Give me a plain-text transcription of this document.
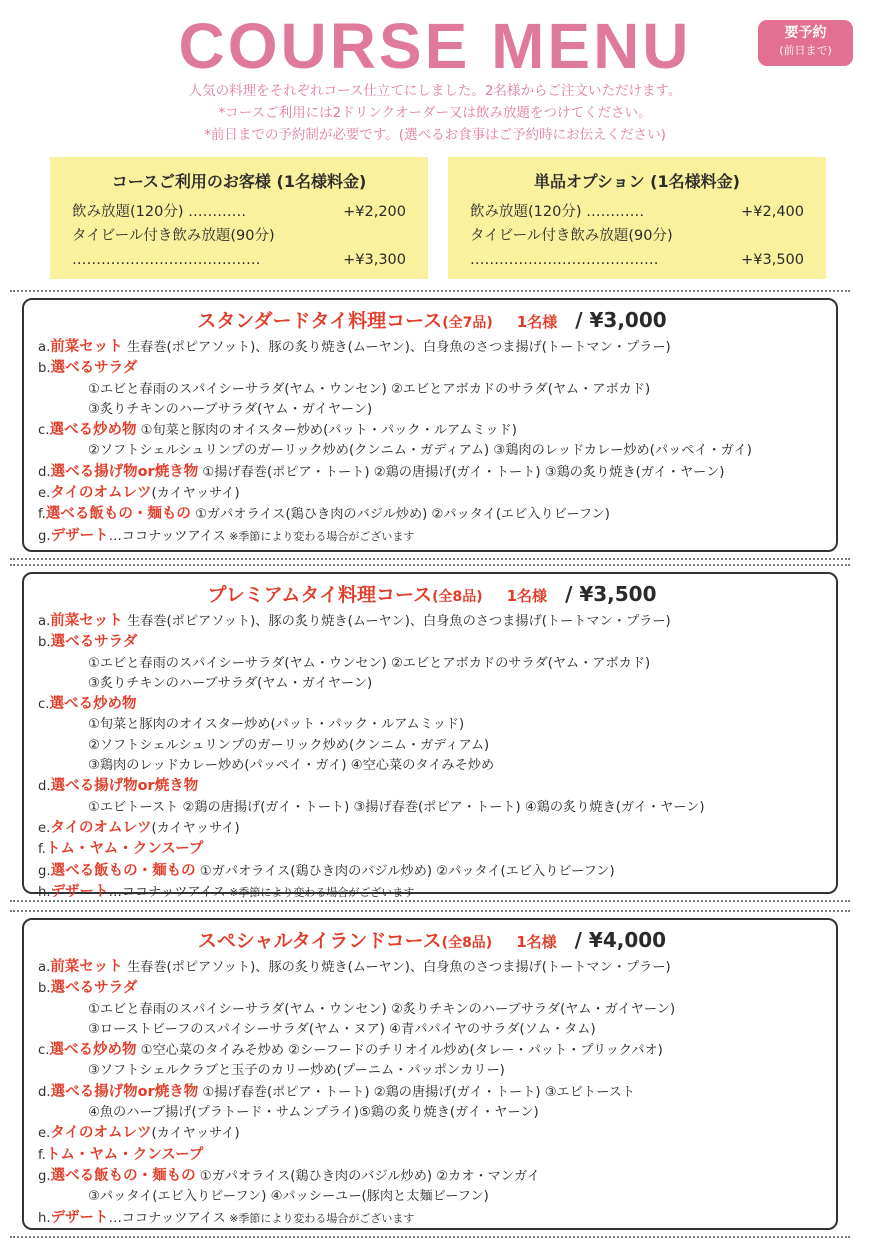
COURSE MENU	要予約
(前日まで)
人気の料理をそれぞれコース仕立てにしました。2名様からご注文いただけます。
*コースご利用には2ドリンクオーダー又は飲み放題をつけてください。
*前日までの予約制が必要です。(選べるお食事はご予約時にお伝えください)
コースご利用のお客様 (1名様料金)
飲み放題(120分) …………	+¥2,200
タイビール付き飲み放題(90分)
…………………………………	+¥3,300
単品オプション (1名様料金)
飲み放題(120分) …………	+¥2,400
タイビール付き飲み放題(90分)
…………………………………	+¥3,500
スタンダードタイ料理コース(全7品) 1名様 / ¥3,000
a.前菜セット 生春巻(ポピアソット)、豚の炙り焼き(ムーヤン)、白身魚のさつま揚げ(トートマン・プラー)
b.選べるサラダ
①エビと春雨のスパイシーサラダ(ヤム・ウンセン) ②エビとアボカドのサラダ(ヤム・アボカド)
③炙りチキンのハーブサラダ(ヤム・ガイヤーン)
c.選べる炒め物 ①旬菜と豚肉のオイスター炒め(パット・パック・ルアムミッド)
②ソフトシェルシュリンプのガーリック炒め(クンニム・ガディアム) ③鶏肉のレッドカレー炒め(パッペイ・ガイ)
d.選べる揚げ物or焼き物 ①揚げ春巻(ポピア・トート) ②鶏の唐揚げ(ガイ・トート) ③鶏の炙り焼き(ガイ・ヤーン)
e.タイのオムレツ(カイヤッサイ)
f.選べる飯もの・麺もの ①ガパオライス(鶏ひき肉のバジル炒め) ②パッタイ(エビ入りビーフン)
g.デザート…ココナッツアイス ※季節により変わる場合がございます
プレミアムタイ料理コース(全8品) 1名様 / ¥3,500
a.前菜セット 生春巻(ポピアソット)、豚の炙り焼き(ムーヤン)、白身魚のさつま揚げ(トートマン・プラー)
b.選べるサラダ
①エビと春雨のスパイシーサラダ(ヤム・ウンセン) ②エビとアボカドのサラダ(ヤム・アボカド)
③炙りチキンのハーブサラダ(ヤム・ガイヤーン)
c.選べる炒め物
①旬菜と豚肉のオイスター炒め(パット・パック・ルアムミッド)
②ソフトシェルシュリンプのガーリック炒め(クンニム・ガディアム)
③鶏肉のレッドカレー炒め(パッペイ・ガイ) ④空心菜のタイみそ炒め
d.選べる揚げ物or焼き物
①エビトースト ②鶏の唐揚げ(ガイ・トート) ③揚げ春巻(ポピア・トート) ④鶏の炙り焼き(ガイ・ヤーン)
e.タイのオムレツ(カイヤッサイ)
f.トム・ヤム・クンスープ
g.選べる飯もの・麺もの ①ガパオライス(鶏ひき肉のバジル炒め) ②パッタイ(エビ入りビーフン)
h.デザート…ココナッツアイス ※季節により変わる場合がございます
スペシャルタイランドコース(全8品) 1名様 / ¥4,000
a.前菜セット 生春巻(ポピアソット)、豚の炙り焼き(ムーヤン)、白身魚のさつま揚げ(トートマン・プラー)
b.選べるサラダ
①エビと春雨のスパイシーサラダ(ヤム・ウンセン) ②炙りチキンのハーブサラダ(ヤム・ガイヤーン)
③ローストビーフのスパイシーサラダ(ヤム・ヌア) ④青パパイヤのサラダ(ソム・タム)
c.選べる炒め物 ①空心菜のタイみそ炒め ②シーフードのチリオイル炒め(タレー・パット・プリックパオ)
③ソフトシェルクラブと玉子のカリー炒め(プーニム・パッポンカリー)
d.選べる揚げ物or焼き物 ①揚げ春巻(ポピア・トート) ②鶏の唐揚げ(ガイ・トート) ③エビトースト
④魚のハーブ揚げ(プラトード・サムンプライ)⑤鶏の炙り焼き(ガイ・ヤーン)
e.タイのオムレツ(カイヤッサイ)
f.トム・ヤム・クンスープ
g.選べる飯もの・麺もの ①ガパオライス(鶏ひき肉のバジル炒め) ②カオ・マンガイ
③パッタイ(エビ入りビーフン) ④パッシーユー(豚肉と太麺ビーフン)
h.デザート…ココナッツアイス ※季節により変わる場合がございます
